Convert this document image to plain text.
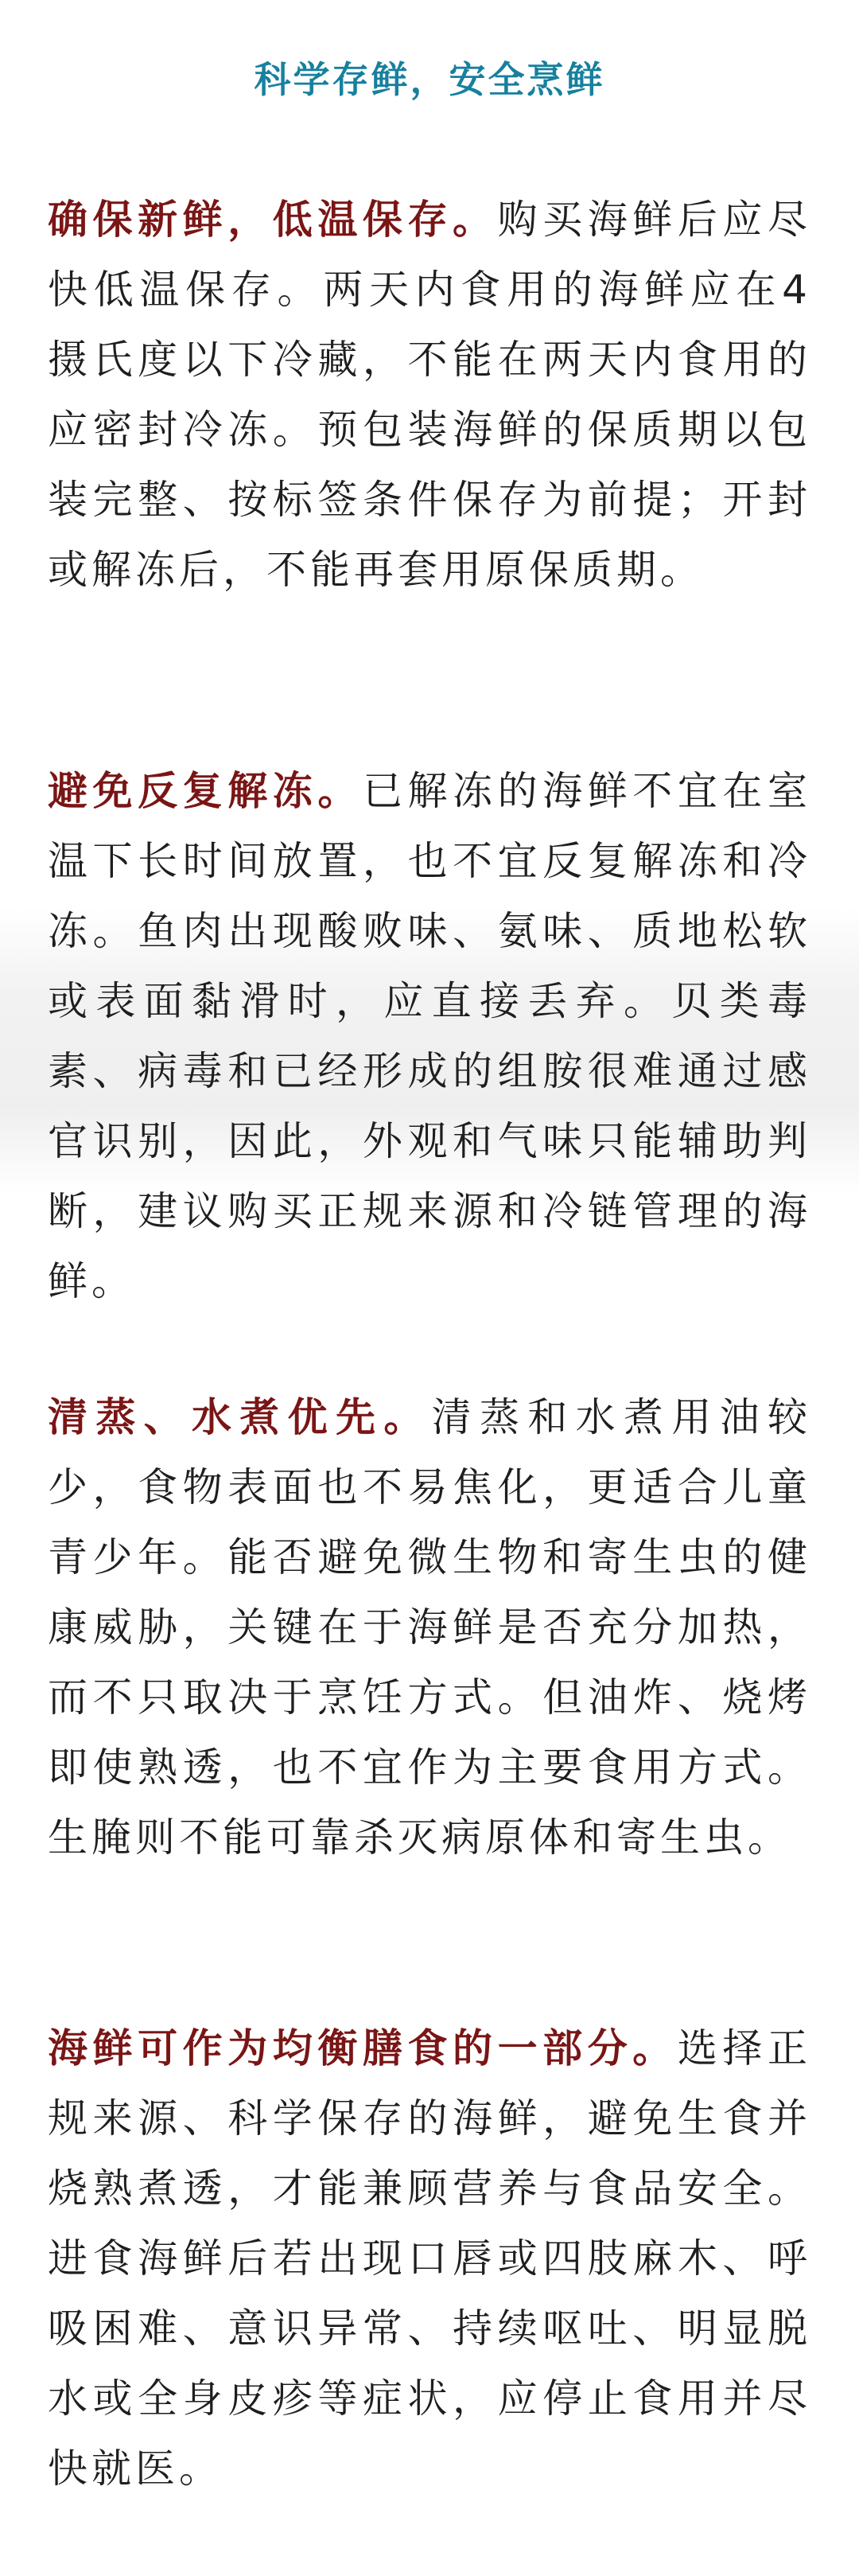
科学存鲜，安全烹鲜

确保新鲜，低温保存。购买海鲜后应尽快低温保存。两天内食用的海鲜应在4摄氏度以下冷藏，不能在两天内食用的应密封冷冻。预包装海鲜的保质期以包装完整、按标签条件保存为前提；开封或解冻后，不能再套用原保质期。

避免反复解冻。已解冻的海鲜不宜在室温下长时间放置，也不宜反复解冻和冷冻。鱼肉出现酸败味、氨味、质地松软或表面黏滑时，应直接丢弃。贝类毒素、病毒和已经形成的组胺很难通过感官识别，因此，外观和气味只能辅助判断，建议购买正规来源和冷链管理的海鲜。

清蒸、水煮优先。清蒸和水煮用油较少，食物表面也不易焦化，更适合儿童青少年。能否避免微生物和寄生虫的健康威胁，关键在于海鲜是否充分加热，而不只取决于烹饪方式。但油炸、烧烤即使熟透，也不宜作为主要食用方式。生腌则不能可靠杀灭病原体和寄生虫。

海鲜可作为均衡膳食的一部分。选择正规来源、科学保存的海鲜，避免生食并烧熟煮透，才能兼顾营养与食品安全。进食海鲜后若出现口唇或四肢麻木、呼吸困难、意识异常、持续呕吐、明显脱水或全身皮疹等症状，应停止食用并尽快就医。
